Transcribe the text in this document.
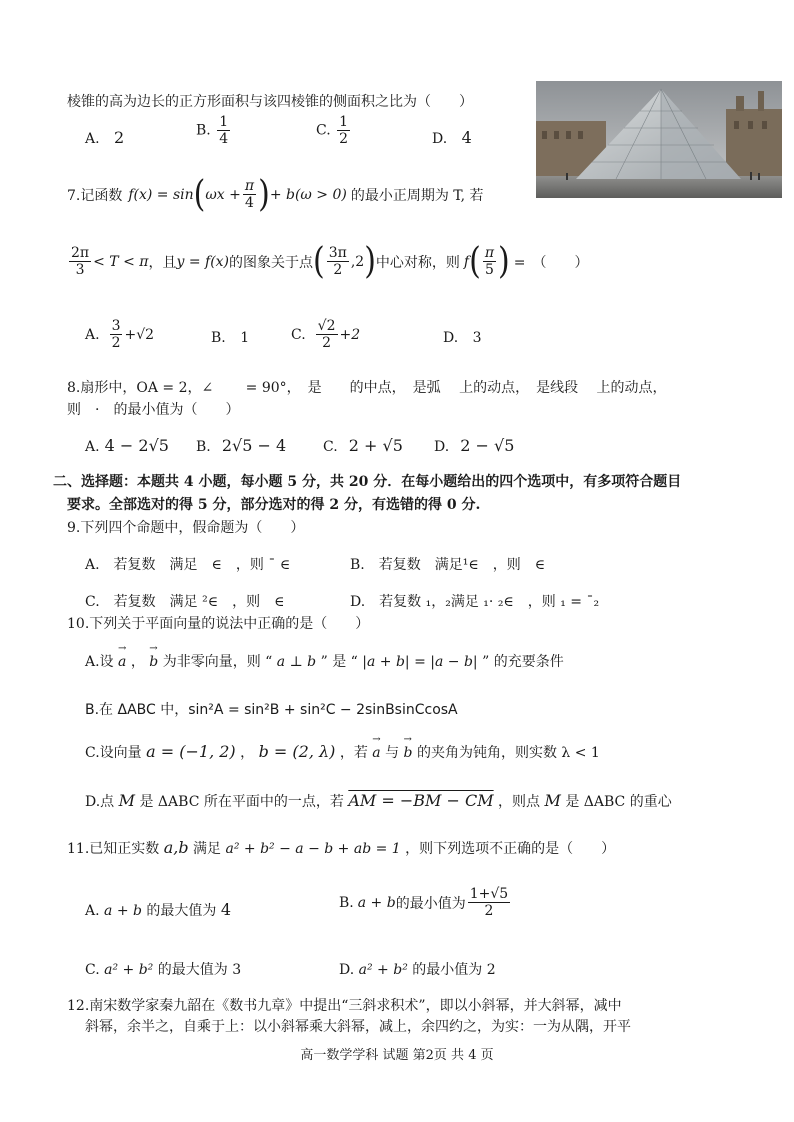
棱锥的高为边长的正方形面积与该四棱锥的侧面积之比为（　　）
A. 2	B. $\frac{1}{4}$	C. $\frac{1}{2}$	D. 4
7.记函数 f(x) = sin ( $\omega x + \frac{\pi}{4}$ ) + b(ω > 0) 的最小正周期为 T, 若
$\frac{2\pi}{3} < T < \pi$ ，且 y = f(x) 的图象关于点 ( $\frac{3\pi}{2} ,2$ ) 中心对称，则 f ( $\frac{\pi}{5}$ ) =　（　　）
A. $\frac{3}{2} +√2$	B. 1	C. $\frac{√2}{2} +2$	D. 3
8.扇形中，OA = 2，∠　　 = 90°，　是　　的中点，　是弧　 上的动点，　是线段　 上的动点，
则　·　的最小值为（　　）
A. 4 − 2√5 B. 2√5 − 4	C. 2 + √5 D. 2 − √5
二、选择题：本题共 4 小题，每小题 5 分，共 20 分．在每小题给出的四个选项中，有多项符合题目
要求。全部选对的得 5 分，部分选对的得 2 分，有选错的得 0 分.
9.下列四个命题中，假命题为（　　）
A.　若复数　满足　∈　，则 ¯ ∈	B.　若复数　满足¹∈　，则　∈
C.　若复数　满足 ²∈　，则　∈	D.　若复数 ₁，₂满足 ₁· ₂∈　，则 ₁ = ¯₂
10.下列关于平面向量的说法中正确的是（　　）
A.设 → a ， → b 为非零向量，则 “ a ⊥ b ” 是 “ |a + b| = |a − b| ” 的充要条件
B.在 ΔABC 中，sin²A = sin²B + sin²C − 2sinBsinCcosA
C.设向量 a = (−1, 2) ， b = (2, λ) ，若 → a 与 → b 的夹角为钝角，则实数 λ < 1
D.点 M 是 ΔABC 所在平面中的一点，若 AM = −BM − CM ，则点 M 是 ΔABC 的重心
11.已知正实数 a,b 满足 a² + b² − a − b + ab = 1 ，则下列选项不正确的是（　　）
A. a + b 的最大值为 4	B. a + b 的最小值为 $\frac{1+√5}{2}$
C. a² + b² 的最大值为 3	D. a² + b² 的最小值为 2
12.南宋数学家秦九韶在《数书九章》中提出“三斜求积术”，即以小斜幂，并大斜幂，减中
斜幂，余半之，自乘于上：以小斜幂乘大斜幂，减上，余四约之，为实：一为从隅，开平
高一数学学科 试题 第2页 共 4 页
